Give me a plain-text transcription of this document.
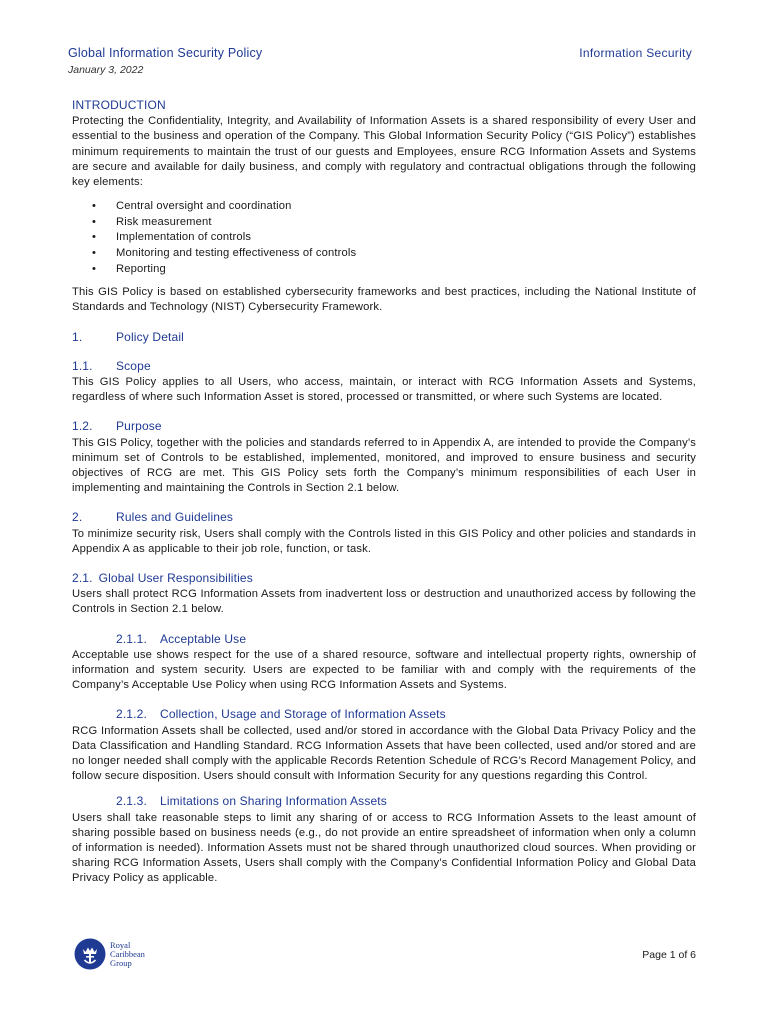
Global Information Security Policy
January 3, 2022
Information Security
INTRODUCTION

Protecting the Confidentiality, Integrity, and Availability of Information Assets is a shared responsibility of every User and essential to the business and operation of the Company. This Global Information Security Policy (“GIS Policy”) establishes minimum requirements to maintain the trust of our guests and Employees, ensure RCG Information Assets and Systems are secure and available for daily business, and comply with regulatory and contractual obligations through the following key elements:

• Central oversight and coordination
• Risk measurement
• Implementation of controls
• Monitoring and testing effectiveness of controls
• Reporting

This GIS Policy is based on established cybersecurity frameworks and best practices, including the National Institute of Standards and Technology (NIST) Cybersecurity Framework.

1.	Policy Detail
1.1.	Scope

This GIS Policy applies to all Users, who access, maintain, or interact with RCG Information Assets and Systems, regardless of where such Information Asset is stored, processed or transmitted, or where such Systems are located.

1.2.	Purpose

This GIS Policy, together with the policies and standards referred to in Appendix A, are intended to provide the Company’s minimum set of Controls to be established, implemented, monitored, and improved to ensure business and security objectives of RCG are met. This GIS Policy sets forth the Company’s minimum responsibilities of each User in implementing and maintaining the Controls in Section 2.1 below.

2.	Rules and Guidelines

To minimize security risk, Users shall comply with the Controls listed in this GIS Policy and other policies and standards in Appendix A as applicable to their job role, function, or task.

2.1. Global User Responsibilities

Users shall protect RCG Information Assets from inadvertent loss or destruction and unauthorized access by following the Controls in Section 2.1 below.

2.1.1.	Acceptable Use

Acceptable use shows respect for the use of a shared resource, software and intellectual property rights, ownership of information and system security. Users are expected to be familiar with and comply with the requirements of the Company’s Acceptable Use Policy when using RCG Information Assets and Systems.

2.1.2.	Collection, Usage and Storage of Information Assets

RCG Information Assets shall be collected, used and/or stored in accordance with the Global Data Privacy Policy and the Data Classification and Handling Standard. RCG Information Assets that have been collected, used and/or stored and are no longer needed shall comply with the applicable Records Retention Schedule of RCG’s Record Management Policy, and follow secure disposition. Users should consult with Information Security for any questions regarding this Control.

2.1.3.	Limitations on Sharing Information Assets

Users shall take reasonable steps to limit any sharing of or access to RCG Information Assets to the least amount of sharing possible based on business needs (e.g., do not provide an entire spreadsheet of information when only a column of information is needed). Information Assets must not be shared through unauthorized cloud sources. When providing or sharing RCG Information Assets, Users shall comply with the Company’s Confidential Information Policy and Global Data Privacy Policy as applicable.

Royal
Caribbean
Group
Page 1 of 6
